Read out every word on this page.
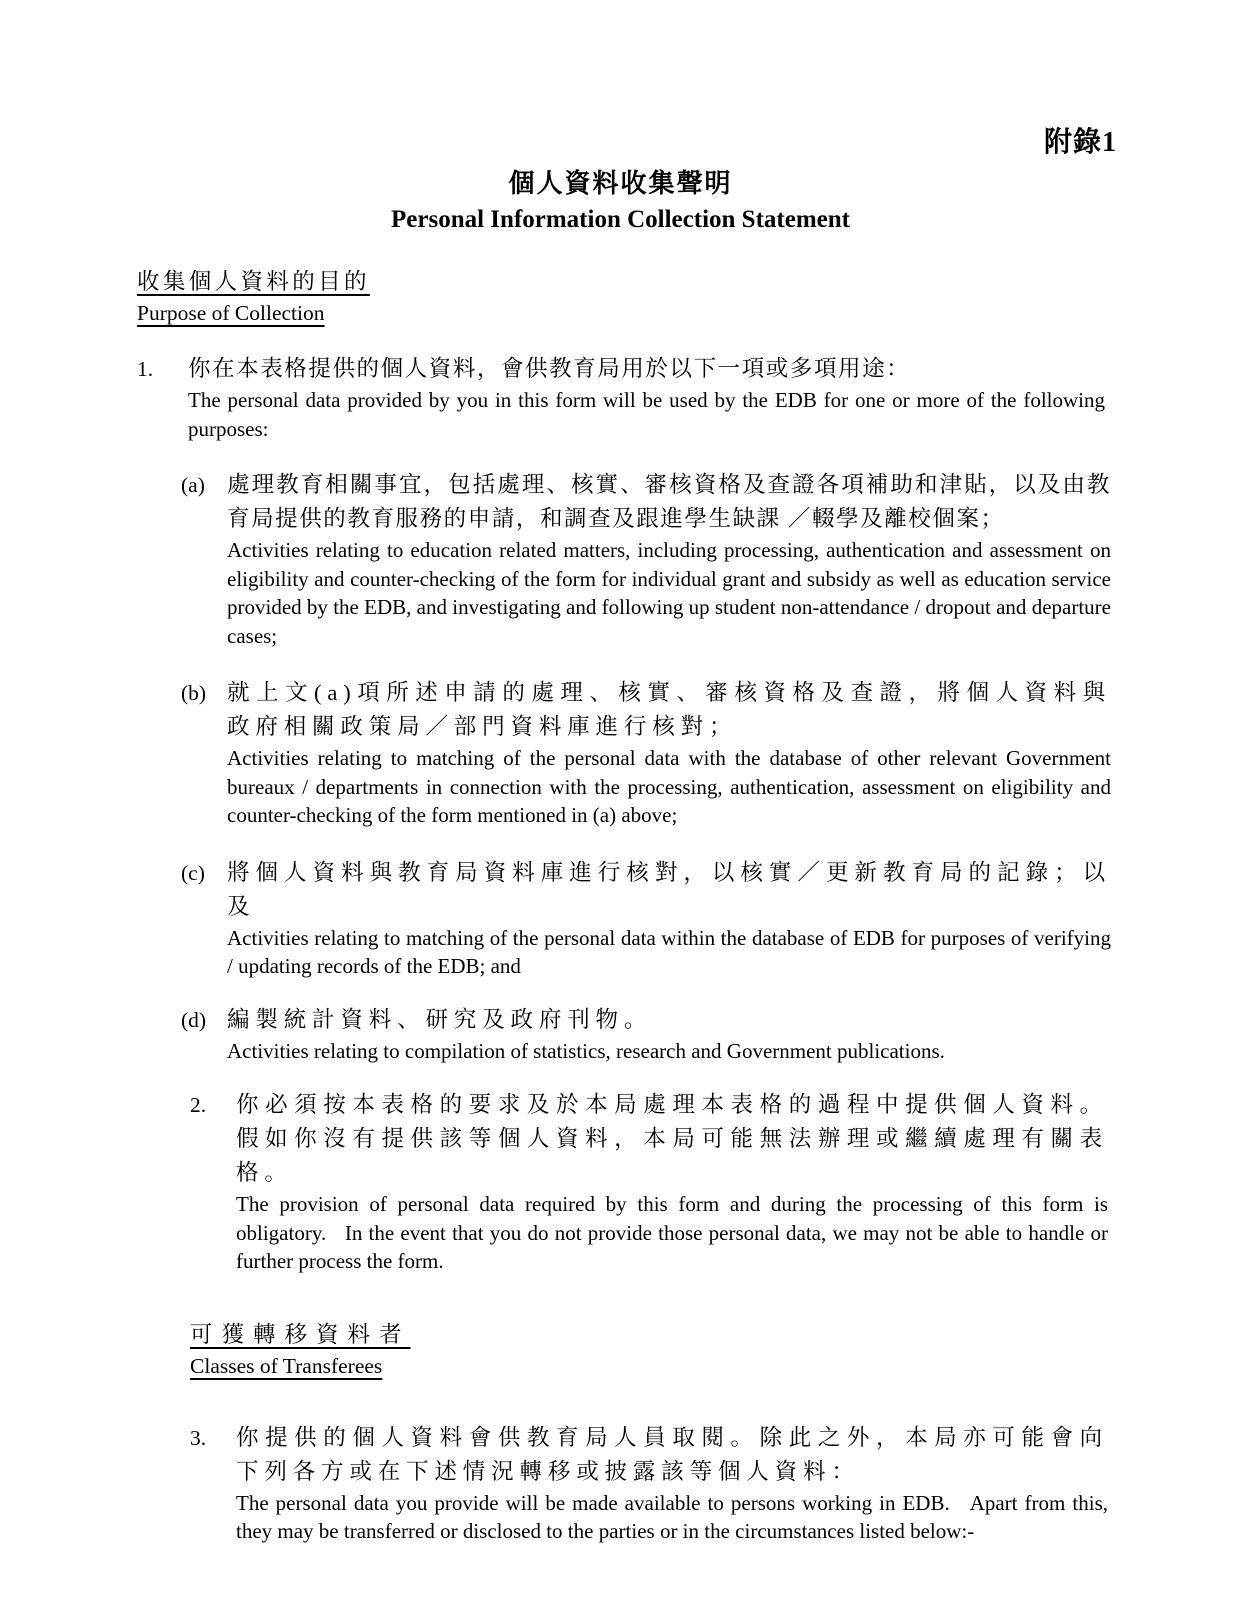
附錄1
個人資料收集聲明
Personal Information Collection Statement
收集個人資料的目的
Purpose of Collection
1.	你在本表格提供的個人資料，會供教育局用於以下一項或多項用途：

The personal data provided by you in this form will be used by the EDB for one or more of the following purposes:

(a) 處理教育相關事宜，包括處理、核實、審核資格及查證各項補助和津貼，以及由教育局提供的教育服務的申請，和調查及跟進學生缺課 ／輟學及離校個案；

Activities relating to education related matters, including processing, authentication and assessment on eligibility and counter-checking of the form for individual grant and subsidy as well as education service provided by the EDB, and investigating and following up student non-attendance / dropout and departure cases;

(b) 就上文(a)項所述申請的處理、核實、審核資格及查證，將個人資料與政府相關政策局／部門資料庫進行核對；

Activities relating to matching of the personal data with the database of other relevant Government bureaux / departments in connection with the processing, authentication, assessment on eligibility and counter-checking of the form mentioned in (a) above;

(c) 將個人資料與教育局資料庫進行核對，以核實／更新教育局的記錄；以及

Activities relating to matching of the personal data within the database of EDB for purposes of verifying / updating records of the EDB; and

(d) 編製統計資料、研究及政府刊物。

Activities relating to compilation of statistics, research and Government publications.

2.	你必須按本表格的要求及於本局處理本表格的過程中提供個人資料。假如你沒有提供該等個人資料，本局可能無法辦理或繼續處理有關表格。

The provision of personal data required by this form and during the processing of this form is obligatory.   In the event that you do not provide those personal data, we may not be able to handle or further process the form.

可獲轉移資料者
Classes of Transferees
3.	你提供的個人資料會供教育局人員取閱。除此之外，本局亦可能會向下列各方或在下述情況轉移或披露該等個人資料：

The personal data you provide will be made available to persons working in EDB.   Apart from this, they may be transferred or disclosed to the parties or in the circumstances listed below:-
